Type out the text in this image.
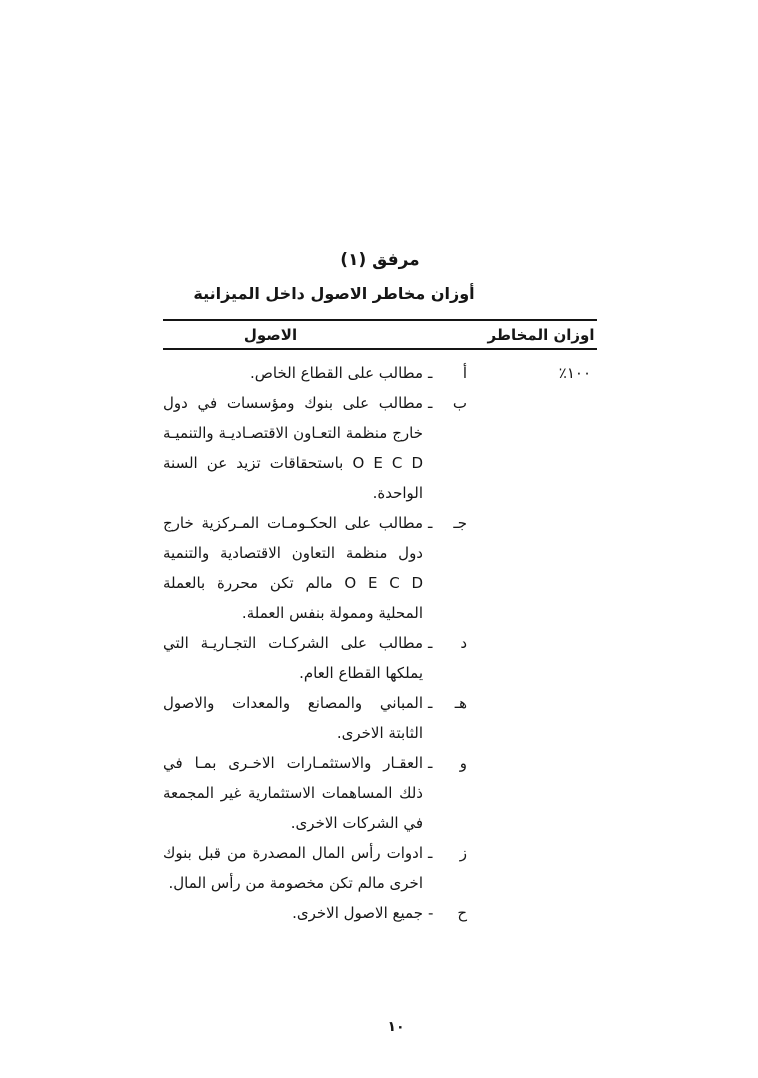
مرفق (١)
أوزان مخاطر الاصول داخل الميزانية
اوزان المخاطر
الاصول
١٠٠٪
أ
ـ
مطالب على القطاع الخاص.
ب
ـ
مطالب على بنوك ومؤسسات في دول خارج منظمة التعـاون الاقتصـاديـة والتنميـة O E C D باستحقاقات تزيد عن السنة الواحدة.
جـ
ـ
مطالب على الحكـومـات المـركزية خارج دول منظمة التعاون الاقتصادية والتنمية O E C D مالم تكن محررة بالعملة المحلية وممولة بنفس العملة.
د
ـ
مطالب على الشركـات التجـاريـة التي يملكها القطاع العام.
هـ
ـ
المباني والمصانع والمعدات والاصول الثابتة الاخرى.
و
ـ
العقـار والاستثمـارات الاخـرى بمـا في ذلك المساهمات الاستثمارية غير المجمعة في الشركات الاخرى.
ز
ـ
ادوات رأس المال المصدرة من قبل بنوك اخرى مالم تكن مخصومة من رأس المال.
ح
-
جميع الاصول الاخرى.
١٠
